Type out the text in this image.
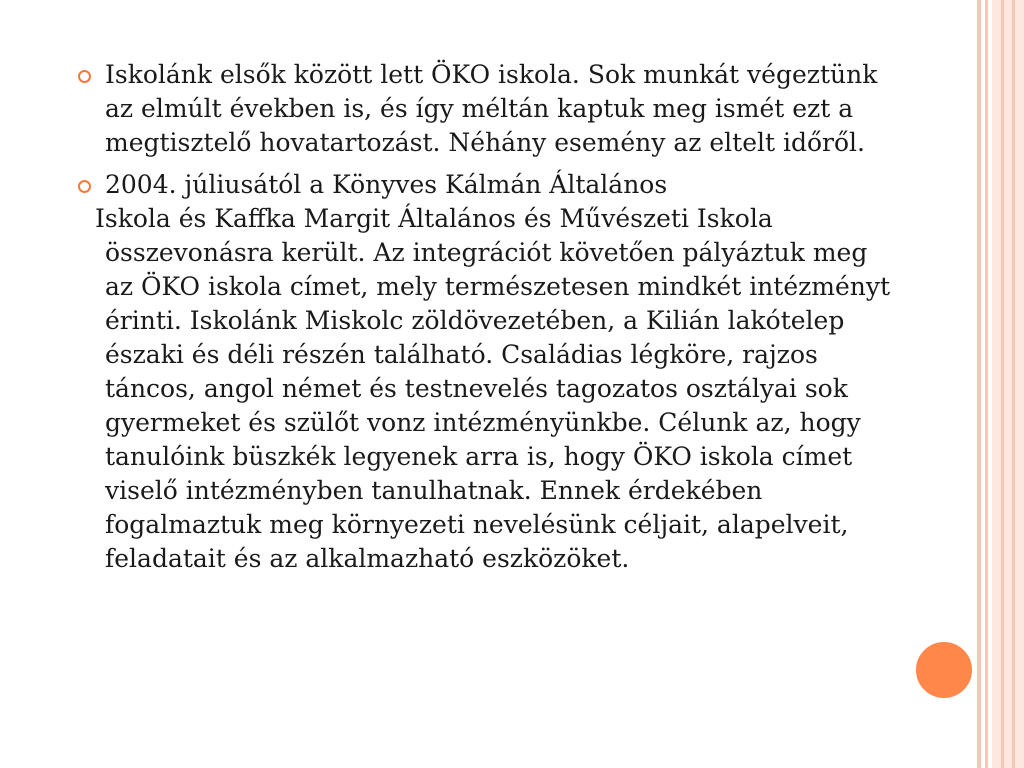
Iskolánk elsők között lett ÖKO iskola. Sok munkát végeztünk az elmúlt években is, és így méltán kaptuk meg ismét ezt a megtisztelő hovatartozást. Néhány esemény az eltelt időről.
2004. júliusától a Könyves Kálmán Általános
Iskola és Kaffka Margit Általános és Művészeti Iskola összevonásra került. Az integrációt követően pályáztuk meg az ÖKO iskola címet, mely természetesen mindkét intézményt érinti. Iskolánk Miskolc zöldövezetében, a Kilián lakótelep északi és déli részén található. Családias légköre, rajzos táncos, angol német és testnevelés tagozatos osztályai sok gyermeket és szülőt vonz intézményünkbe. Célunk az, hogy tanulóink büszkék legyenek arra is, hogy ÖKO iskola címet viselő intézményben tanulhatnak. Ennek érdekében fogalmaztuk meg környezeti nevelésünk céljait, alapelveit, feladatait és az alkalmazható eszközöket.
